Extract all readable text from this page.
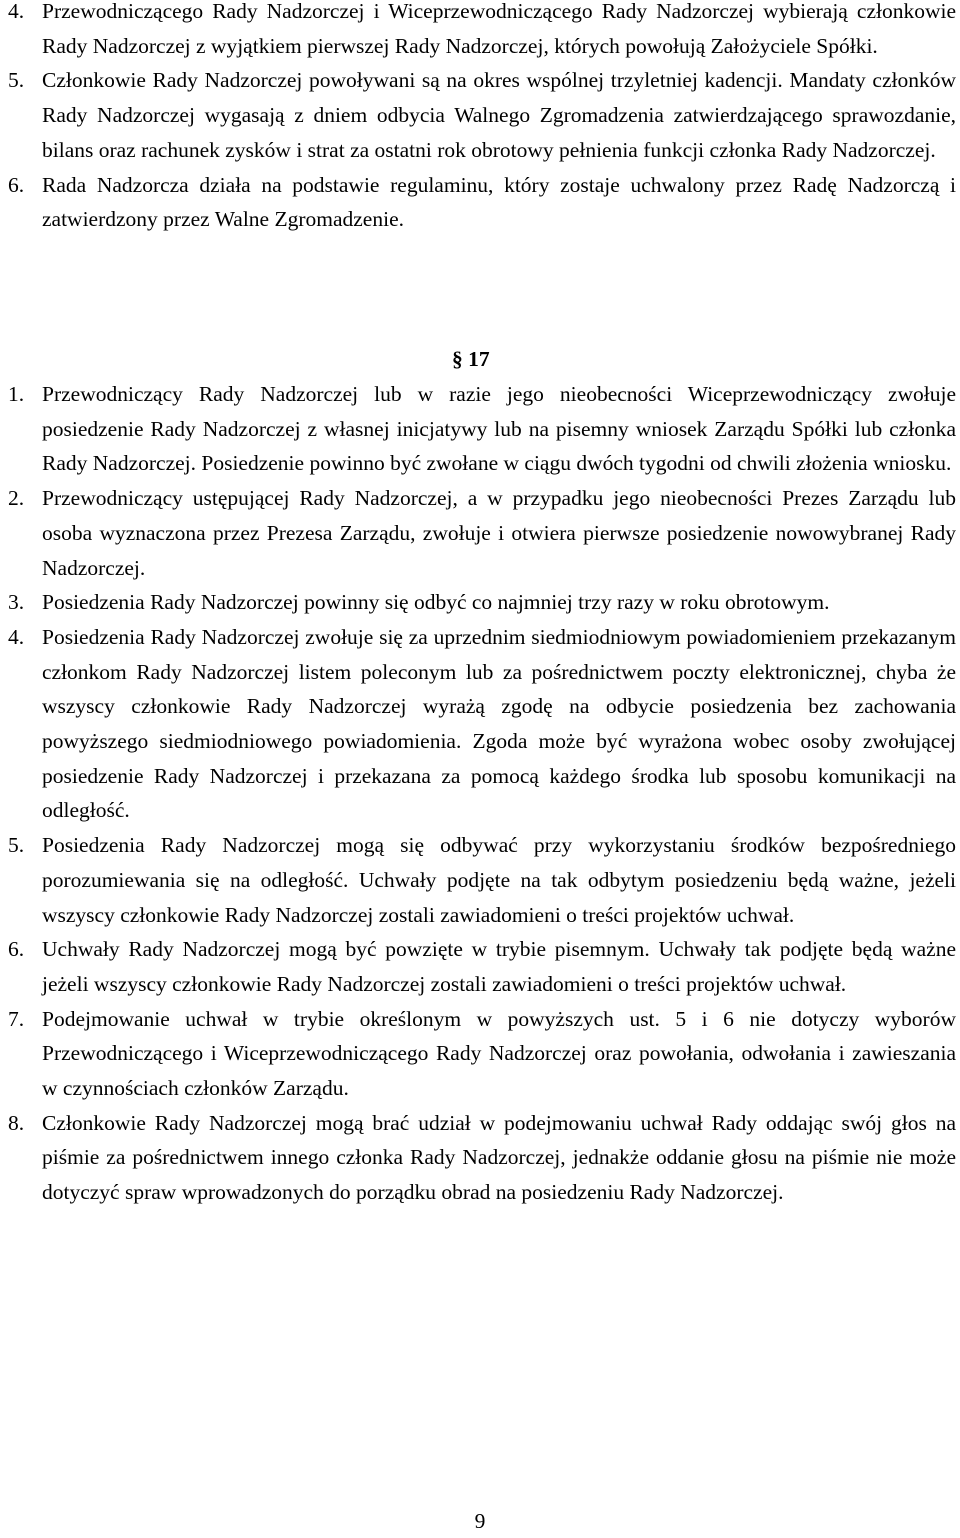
4. Przewodniczącego Rady Nadzorczej i Wiceprzewodniczącego Rady Nadzorczej wybierają członkowie Rady Nadzorczej z wyjątkiem pierwszej Rady Nadzorczej, których powołują Założyciele Spółki.
5. Członkowie Rady Nadzorczej powoływani są na okres wspólnej trzyletniej kadencji. Mandaty członków Rady Nadzorczej wygasają z dniem odbycia Walnego Zgromadzenia zatwierdzającego sprawozdanie, bilans oraz rachunek zysków i strat za ostatni rok obrotowy pełnienia funkcji członka Rady Nadzorczej.
6. Rada Nadzorcza działa na podstawie regulaminu, który zostaje uchwalony przez Radę Nadzorczą i zatwierdzony przez Walne Zgromadzenie.
§ 17
1. Przewodniczący Rady Nadzorczej lub w razie jego nieobecności Wiceprzewodniczący zwołuje posiedzenie Rady Nadzorczej z własnej inicjatywy lub na pisemny wniosek Zarządu Spółki lub członka Rady Nadzorczej. Posiedzenie powinno być zwołane w ciągu dwóch tygodni od chwili złożenia wniosku.
2. Przewodniczący ustępującej Rady Nadzorczej, a w przypadku jego nieobecności Prezes Zarządu lub osoba wyznaczona przez Prezesa Zarządu, zwołuje i otwiera pierwsze posiedzenie nowowybranej Rady Nadzorczej.
3. Posiedzenia Rady Nadzorczej powinny się odbyć co najmniej trzy razy w roku obrotowym.
4. Posiedzenia Rady Nadzorczej zwołuje się za uprzednim siedmiodniowym powiadomieniem przekazanym członkom Rady Nadzorczej listem poleconym lub za pośrednictwem poczty elektronicznej, chyba że wszyscy członkowie Rady Nadzorczej wyrażą zgodę na odbycie posiedzenia bez zachowania powyższego siedmiodniowego powiadomienia. Zgoda może być wyrażona wobec osoby zwołującej posiedzenie Rady Nadzorczej i przekazana za pomocą każdego środka lub sposobu komunikacji na odległość.
5. Posiedzenia Rady Nadzorczej mogą się odbywać przy wykorzystaniu środków bezpośredniego porozumiewania się na odległość. Uchwały podjęte na tak odbytym posiedzeniu będą ważne, jeżeli wszyscy członkowie Rady Nadzorczej zostali zawiadomieni o treści projektów uchwał.
6. Uchwały Rady Nadzorczej mogą być powzięte w trybie pisemnym. Uchwały tak podjęte będą ważne jeżeli wszyscy członkowie Rady Nadzorczej zostali zawiadomieni o treści projektów uchwał.
7. Podejmowanie uchwał w trybie określonym w powyższych ust. 5 i 6 nie dotyczy wyborów Przewodniczącego i Wiceprzewodniczącego Rady Nadzorczej oraz powołania, odwołania i zawieszania w czynnościach członków Zarządu.
8. Członkowie Rady Nadzorczej mogą brać udział w podejmowaniu uchwał Rady oddając swój głos na piśmie za pośrednictwem innego członka Rady Nadzorczej, jednakże oddanie głosu na piśmie nie może dotyczyć spraw wprowadzonych do porządku obrad na posiedzeniu Rady Nadzorczej.
9
